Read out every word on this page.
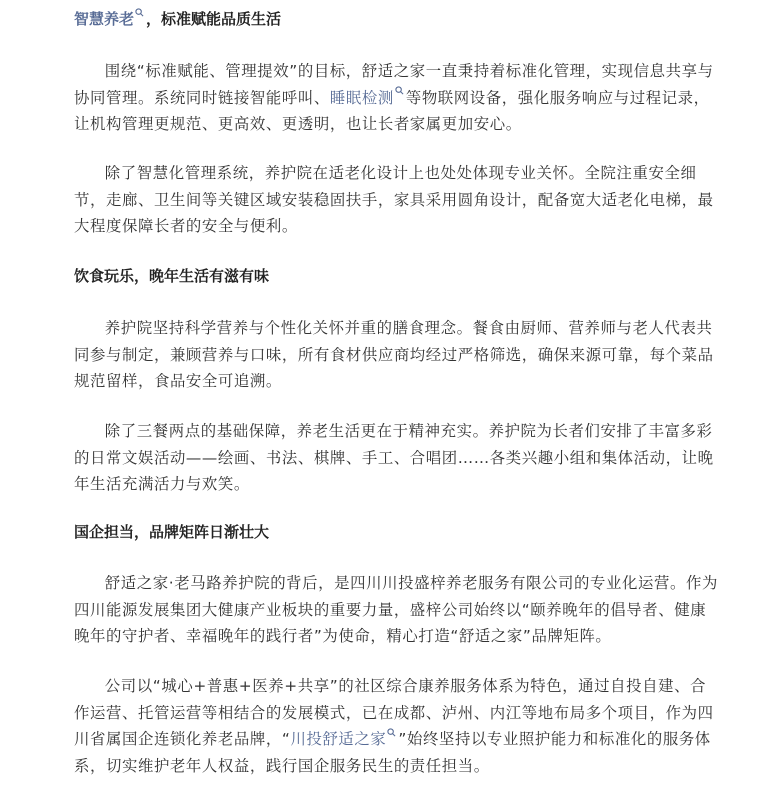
智慧养老 ，标准赋能品质生活

围绕“标准赋能、管理提效”的目标，舒适之家一直秉持着标准化管理，实现信息共享与协同管理。系统同时链接智能呼叫、睡眠检测 等物联网设备，强化服务响应与过程记录，让机构管理更规范、更高效、更透明，也让长者家属更加安心。

除了智慧化管理系统，养护院在适老化设计上也处处体现专业关怀。全院注重安全细节，走廊、卫生间等关键区域安装稳固扶手，家具采用圆角设计，配备宽大适老化电梯，最大程度保障长者的安全与便利。

饮食玩乐，晚年生活有滋有味

养护院坚持科学营养与个性化关怀并重的膳食理念。餐食由厨师、营养师与老人代表共同参与制定，兼顾营养与口味，所有食材供应商均经过严格筛选，确保来源可靠，每个菜品规范留样，食品安全可追溯。

除了三餐两点的基础保障，养老生活更在于精神充实。养护院为长者们安排了丰富多彩的日常文娱活动——绘画、书法、棋牌、手工、合唱团……各类兴趣小组和集体活动，让晚年生活充满活力与欢笑。

国企担当，品牌矩阵日渐壮大

舒适之家·老马路养护院的背后，是四川川投盛梓养老服务有限公司的专业化运营。作为四川能源发展集团大健康产业板块的重要力量，盛梓公司始终以“颐养晚年的倡导者、健康晚年的守护者、幸福晚年的践行者”为使命，精心打造“舒适之家”品牌矩阵。

公司以“城心+普惠+医养+共享”的社区综合康养服务体系为特色，通过自投自建、合作运营、托管运营等相结合的发展模式，已在成都、泸州、内江等地布局多个项目，作为四川省属国企连锁化养老品牌，“川投舒适之家 ”始终坚持以专业照护能力和标准化的服务体系，切实维护老年人权益，践行国企服务民生的责任担当。
